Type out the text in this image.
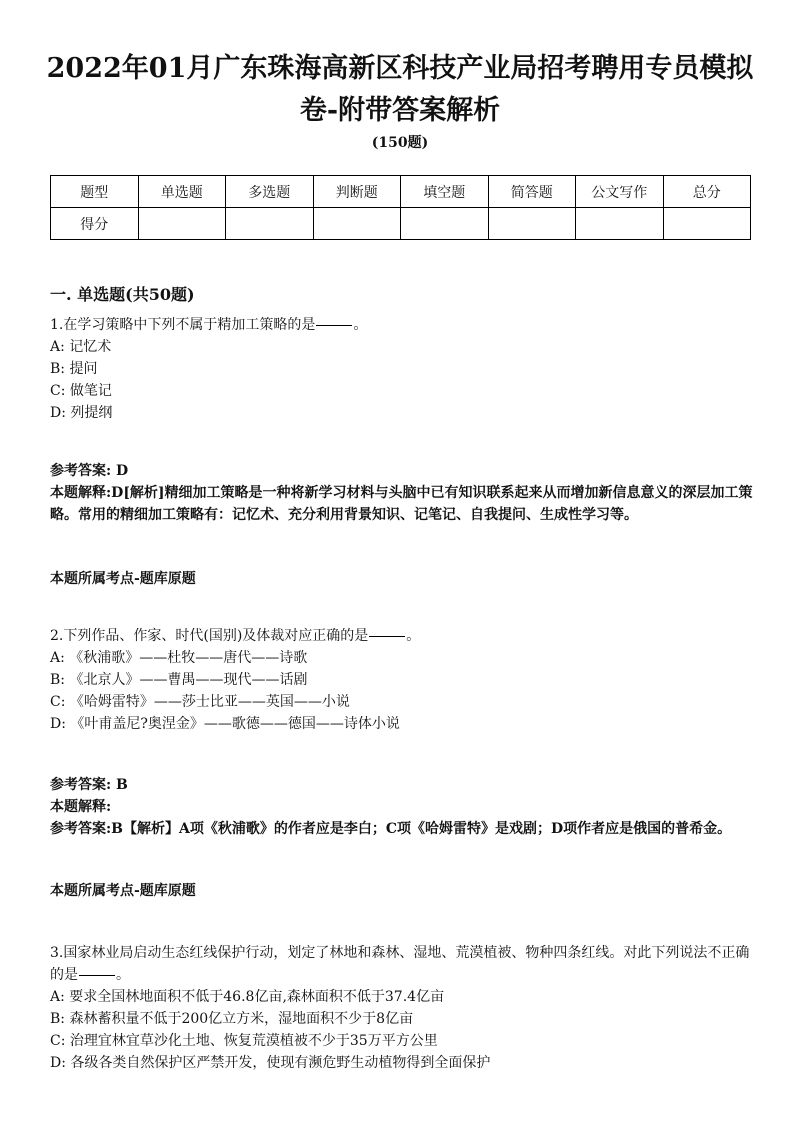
2022年01月广东珠海高新区科技产业局招考聘用专员模拟卷-附带答案解析
(150题)
题型	单选题	多选题	判断题	填空题	简答题	公文写作	总分
得分							
一. 单选题(共50题)
1.在学习策略中下列不属于精加工策略的是	。
A: 记忆术
B: 提问
C: 做笔记
D: 列提纲
参考答案: D
本题解释:D[解析]精细加工策略是一种将新学习材料与头脑中已有知识联系起来从而增加新信息意义的深层加工策略。常用的精细加工策略有：记忆术、充分利用背景知识、记笔记、自我提问、生成性学习等。
本题所属考点-题库原题
2.下列作品、作家、时代(国别)及体裁对应正确的是	。
A: 《秋浦歌》——杜牧——唐代——诗歌
B: 《北京人》——曹禺——现代——话剧
C: 《哈姆雷特》——莎士比亚——英国——小说
D: 《叶甫盖尼?奥涅金》——歌德——德国——诗体小说
参考答案: B
本题解释:
参考答案:B【解析】A项《秋浦歌》的作者应是李白；C项《哈姆雷特》是戏剧；D项作者应是俄国的普希金。
本题所属考点-题库原题
3.国家林业局启动生态红线保护行动，划定了林地和森林、湿地、荒漠植被、物种四条红线。对此下列说法不正确的是	。
A: 要求全国林地面积不低于46.8亿亩,森林面积不低于37.4亿亩
B: 森林蓄积量不低于200亿立方米，湿地面积不少于8亿亩
C: 治理宜林宜草沙化土地、恢复荒漠植被不少于35万平方公里
D: 各级各类自然保护区严禁开发，使现有濒危野生动植物得到全面保护
